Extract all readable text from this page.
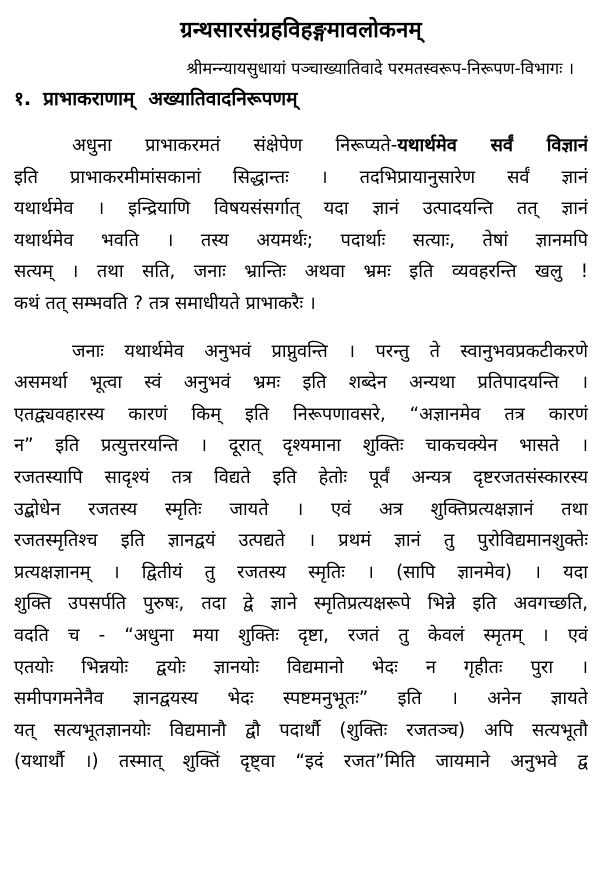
ग्रन्थसारसंग्रहविहङ्गमावलोकनम्
श्रीमन्न्यायसुधायां पञ्चाख्यातिवादे परमतस्वरूप-निरूपण-विभागः ।
१. प्राभाकराणाम् अख्यातिवादनिरूपणम्
अधुना प्राभाकरमतं संक्षेपेण निरूप्यते-यथार्थमेव सर्वं विज्ञानं
इति प्राभाकरमीमांसकानां सिद्धान्तः । तदभिप्रायानुसारेण सर्वं ज्ञानं
यथार्थमेव । इन्द्रियाणि विषयसंसर्गात् यदा ज्ञानं उत्पादयन्ति तत् ज्ञानं
यथार्थमेव भवति । तस्य अयमर्थः; पदार्थाः सत्याः, तेषां ज्ञानमपि
सत्यम् । तथा सति, जनाः भ्रान्तिः अथवा भ्रमः इति व्यवहरन्ति खलु !
कथं तत् सम्भवति ? तत्र समाधीयते प्राभाकरैः ।
जनाः यथार्थमेव अनुभवं प्राप्नुवन्ति । परन्तु ते स्वानुभवप्रकटीकरणे
असमर्था भूत्वा स्वं अनुभवं भ्रमः इति शब्देन अन्यथा प्रतिपादयन्ति ।
एतद्व्यवहारस्य कारणं किम् इति निरूपणावसरे, “अज्ञानमेव तत्र कारणं
न” इति प्रत्युत्तरयन्ति । दूरात् दृश्यमाना शुक्तिः चाकचक्येन भासते ।
रजतस्यापि सादृश्यं तत्र विद्यते इति हेतोः पूर्वं अन्यत्र दृष्टरजतसंस्कारस्य
उद्बोधेन रजतस्य स्मृतिः जायते । एवं अत्र शुक्तिप्रत्यक्षज्ञानं तथा
रजतस्मृतिश्च इति ज्ञानद्वयं उत्पद्यते । प्रथमं ज्ञानं तु पुरोविद्यमानशुक्तेः
प्रत्यक्षज्ञानम् । द्वितीयं तु रजतस्य स्मृतिः । (सापि ज्ञानमेव) । यदा
शुक्ति उपसर्पति पुरुषः, तदा द्वे ज्ञाने स्मृतिप्रत्यक्षरूपे भिन्ने इति अवगच्छति,
वदति च - “अधुना मया शुक्तिः दृष्टा, रजतं तु केवलं स्मृतम् । एवं
एतयोः भिन्नयोः द्वयोः ज्ञानयोः विद्यमानो भेदः न गृहीतः पुरा ।
समीपगमनेनैव ज्ञानद्वयस्य भेदः स्पष्टमनुभूतः” इति । अनेन ज्ञायते
यत् सत्यभूतज्ञानयोः विद्यमानौ द्वौ पदार्थौ (शुक्तिः रजतञ्च) अपि सत्यभूतौ
(यथार्थौ ।) तस्मात् शुक्तिं दृष्ट्वा “इदं रजत”मिति जायमाने अनुभवे द्व
